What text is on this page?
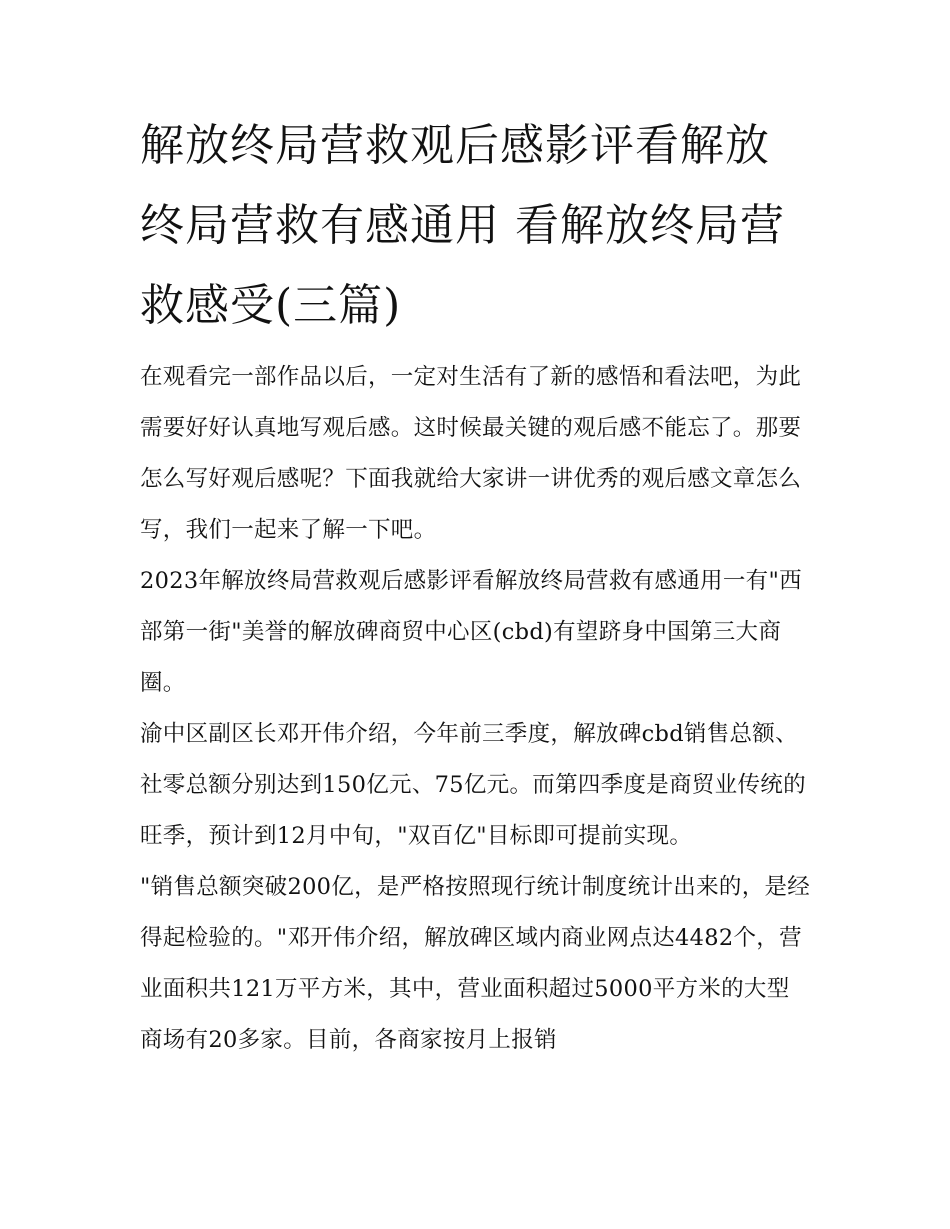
解放终局营救观后感影评看解放终局营救有感通用 看解放终局营救感受(三篇)

在观看完一部作品以后，一定对生活有了新的感悟和看法吧，为此需要好好认真地写观后感。这时候最关键的观后感不能忘了。那要怎么写好观后感呢？下面我就给大家讲一讲优秀的观后感文章怎么写，我们一起来了解一下吧。

2023年解放终局营救观后感影评看解放终局营救有感通用一有"西部第一街"美誉的解放碑商贸中心区(cbd)有望跻身中国第三大商圈。

渝中区副区长邓开伟介绍，今年前三季度，解放碑cbd销售总额、社零总额分别达到150亿元、75亿元。而第四季度是商贸业传统的旺季，预计到12月中旬，"双百亿"目标即可提前实现。

"销售总额突破200亿，是严格按照现行统计制度统计出来的，是经得起检验的。"邓开伟介绍，解放碑区域内商业网点达4482个，营业面积共121万平方米，其中，营业面积超过5000平方米的大型商场有20多家。目前，各商家按月上报销
